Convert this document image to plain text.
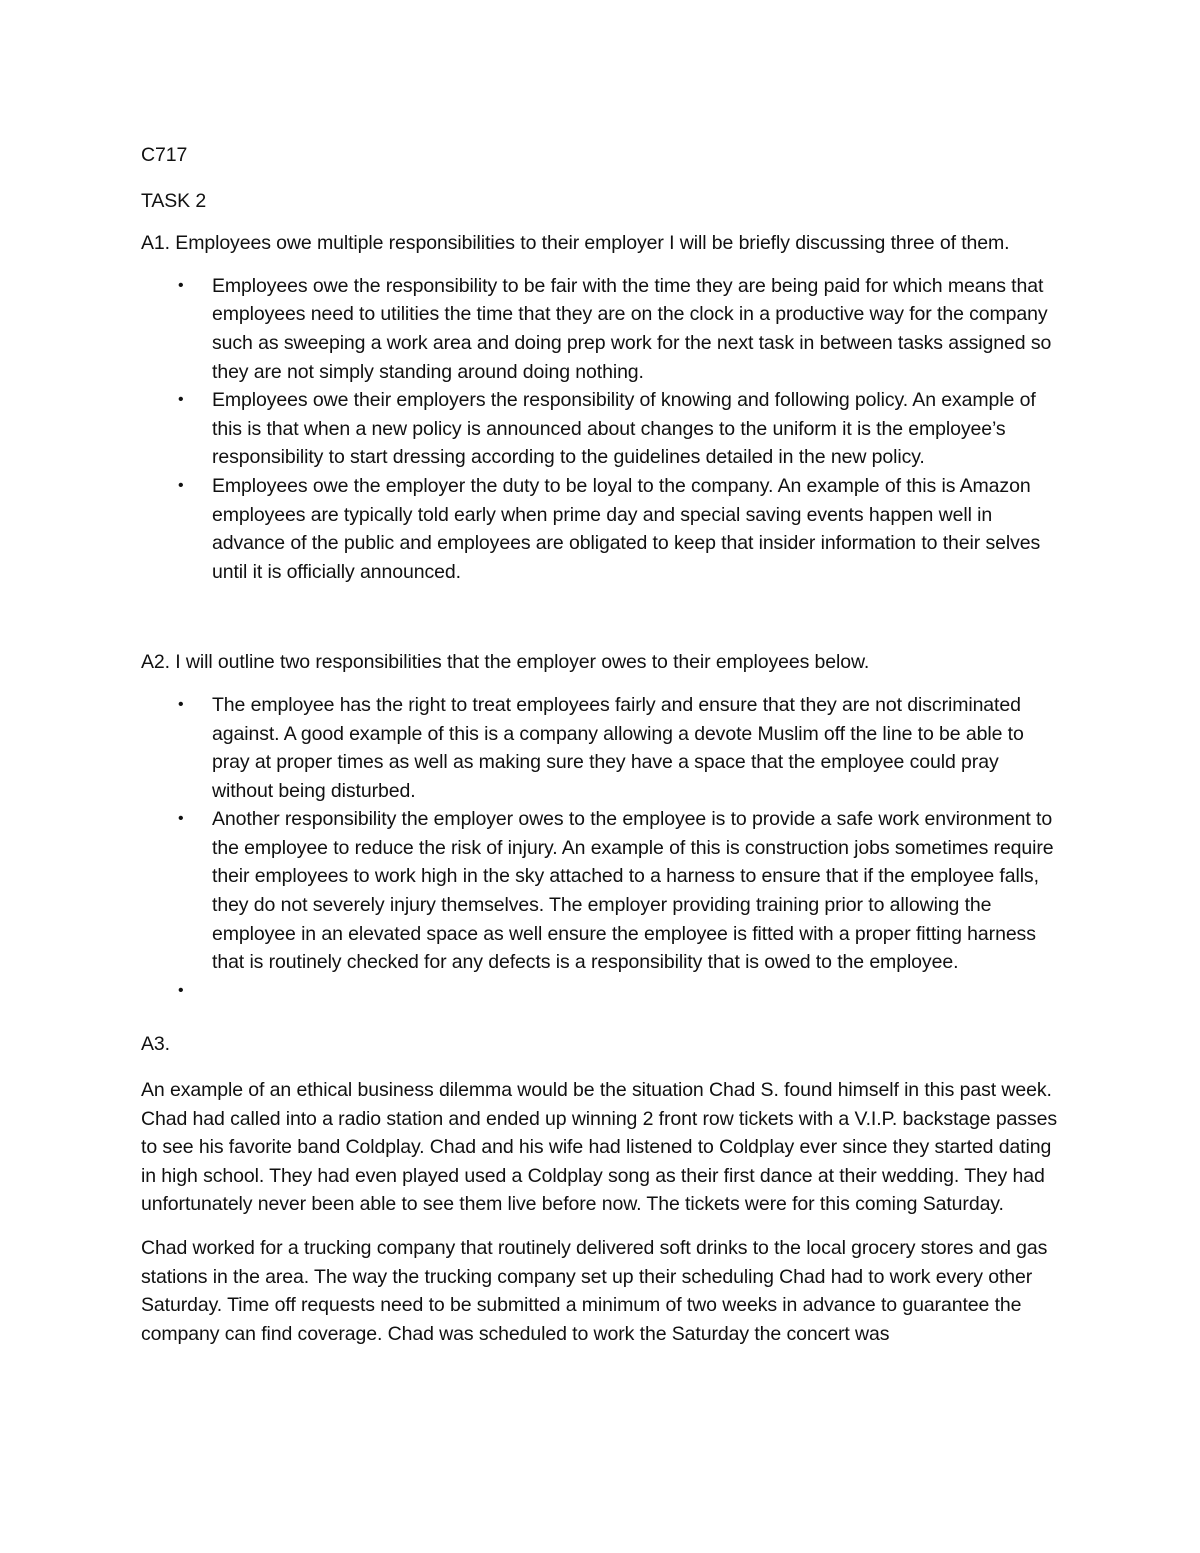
C717

TASK 2

A1. Employees owe multiple responsibilities to their employer I will be briefly discussing three of them.

• Employees owe the responsibility to be fair with the time they are being paid for which means that employees need to utilities the time that they are on the clock in a productive way for the company such as sweeping a work area and doing prep work for the next task in between tasks assigned so they are not simply standing around doing nothing.
• Employees owe their employers the responsibility of knowing and following policy. An example of this is that when a new policy is announced about changes to the uniform it is the employee’s responsibility to start dressing according to the guidelines detailed in the new policy.
• Employees owe the employer the duty to be loyal to the company. An example of this is Amazon employees are typically told early when prime day and special saving events happen well in advance of the public and employees are obligated to keep that insider information to their selves until it is officially announced.

A2. I will outline two responsibilities that the employer owes to their employees below.

• The employee has the right to treat employees fairly and ensure that they are not discriminated against. A good example of this is a company allowing a devote Muslim off the line to be able to pray at proper times as well as making sure they have a space that the employee could pray without being disturbed.
• Another responsibility the employer owes to the employee is to provide a safe work environment to the employee to reduce the risk of injury. An example of this is construction jobs sometimes require their employees to work high in the sky attached to a harness to ensure that if the employee falls, they do not severely injury themselves. The employer providing training prior to allowing the employee in an elevated space as well ensure the employee is fitted with a proper fitting harness that is routinely checked for any defects is a responsibility that is owed to the employee.
•

A3.

An example of an ethical business dilemma would be the situation Chad S. found himself in this past week. Chad had called into a radio station and ended up winning 2 front row tickets with a V.I.P. backstage passes to see his favorite band Coldplay. Chad and his wife had listened to Coldplay ever since they started dating in high school. They had even played used a Coldplay song as their first dance at their wedding. They had unfortunately never been able to see them live before now. The tickets were for this coming Saturday.

Chad worked for a trucking company that routinely delivered soft drinks to the local grocery stores and gas stations in the area. The way the trucking company set up their scheduling Chad had to work every other Saturday. Time off requests need to be submitted a minimum of two weeks in advance to guarantee the company can find coverage. Chad was scheduled to work the Saturday the concert was
